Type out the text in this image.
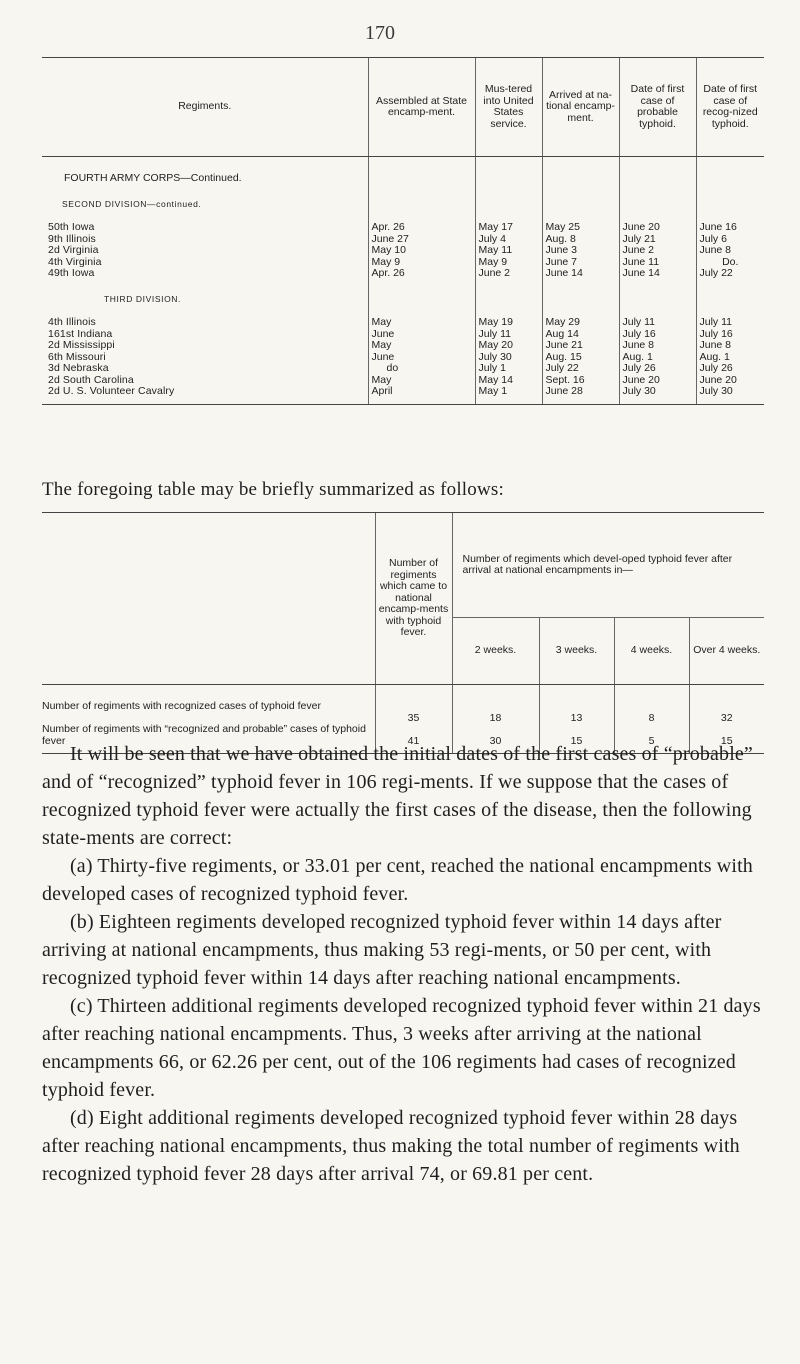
170
Regiments.	Assembled at State encamp-ment.	Mus-tered into United States service.	Arrived at na-tional encamp-ment.	Date of first case of probable typhoid.	Date of first case of recog-nized typhoid.
FOURTH ARMY CORPS—Continued.					
SECOND DIVISION—continued.					
50th Iowa	Apr. 26	May 17	May 25	June 20	June 16
9th Illinois	June 27	July 4	Aug. 8	July 21	July 6
2d Virginia	May 10	May 11	June 3	June 2	June 8
4th Virginia	May 9	May 9	June 7	June 11	Do.
49th Iowa	Apr. 26	June 2	June 14	June 14	July 22
THIRD DIVISION.					
4th Illinois	May	May 19	May 29	July 11	July 11
161st Indiana	June	July 11	Aug 14	July 16	July 16
2d Mississippi	May	May 20	June 21	June 8	June 8
6th Missouri	June	July 30	Aug. 15	Aug. 1	Aug. 1
3d Nebraska	do	July 1	July 22	July 26	July 26
2d South Carolina	May	May 14	Sept. 16	June 20	June 20
2d U. S. Volunteer Cavalry	April	May 1	June 28	July 30	July 30
The foregoing table may be briefly summarized as follows:
	Number of regiments which came to national encamp-ments with typhoid fever.	Number of regiments which devel-oped typhoid fever after arrival at national encampments in—			
		2 weeks.	3 weeks.	4 weeks.	Over 4 weeks.
Number of regiments with recognized cases of typhoid fever	35	18	13	8	32
Number of regiments with “recognized and probable” cases of typhoid fever	41	30	15	5	15

It will be seen that we have obtained the initial dates of the first cases of “probable” and of “recognized” typhoid fever in 106 regi-ments. If we suppose that the cases of recognized typhoid fever were actually the first cases of the disease, then the following state-ments are correct:

(a) Thirty-five regiments, or 33.01 per cent, reached the national encampments with developed cases of recognized typhoid fever.

(b) Eighteen regiments developed recognized typhoid fever within 14 days after arriving at national encampments, thus making 53 regi-ments, or 50 per cent, with recognized typhoid fever within 14 days after reaching national encampments.

(c) Thirteen additional regiments developed recognized typhoid fever within 21 days after reaching national encampments. Thus, 3 weeks after arriving at the national encampments 66, or 62.26 per cent, out of the 106 regiments had cases of recognized typhoid fever.

(d) Eight additional regiments developed recognized typhoid fever within 28 days after reaching national encampments, thus making the total number of regiments with recognized typhoid fever 28 days after arrival 74, or 69.81 per cent.
